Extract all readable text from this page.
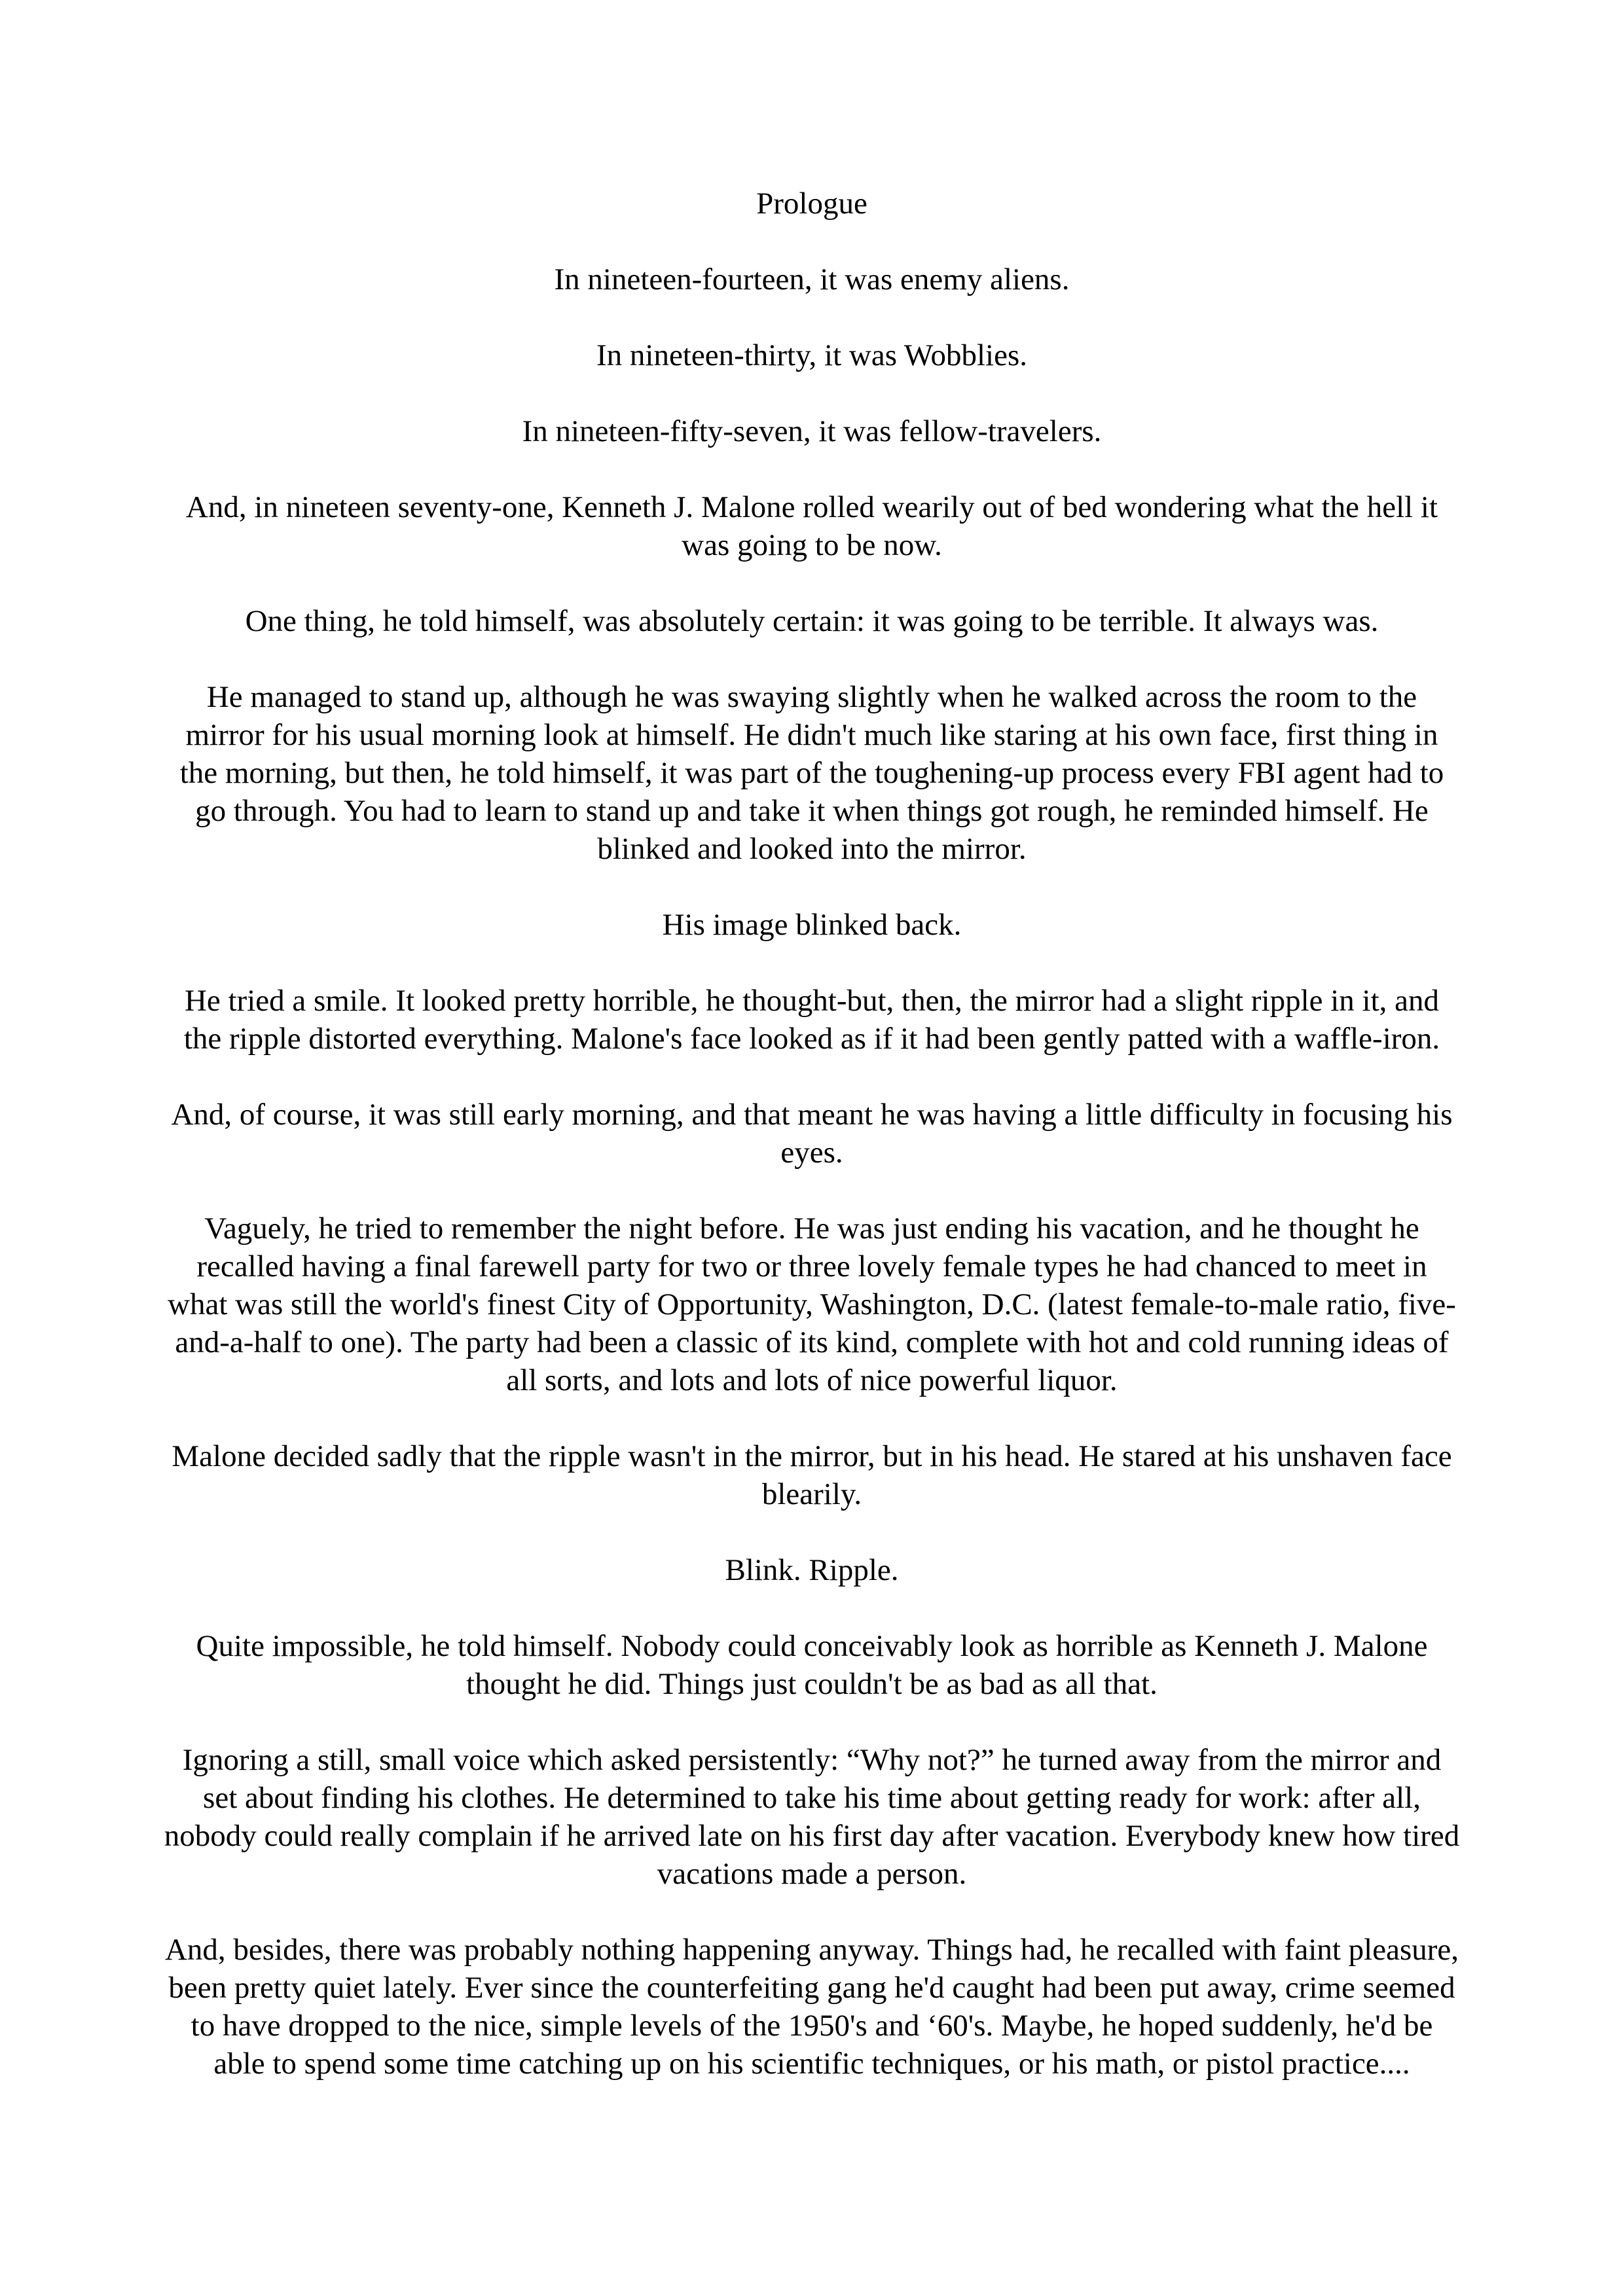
Prologue

In nineteen-fourteen, it was enemy aliens.

In nineteen-thirty, it was Wobblies.

In nineteen-fifty-seven, it was fellow-travelers.

And, in nineteen seventy-one, Kenneth J. Malone rolled wearily out of bed wondering what the hell it was going to be now.

One thing, he told himself, was absolutely certain: it was going to be terrible. It always was.

He managed to stand up, although he was swaying slightly when he walked across the room to the mirror for his usual morning look at himself. He didn't much like staring at his own face, first thing in the morning, but then, he told himself, it was part of the toughening-up process every FBI agent had to go through. You had to learn to stand up and take it when things got rough, he reminded himself. He blinked and looked into the mirror.

His image blinked back.

He tried a smile. It looked pretty horrible, he thought-but, then, the mirror had a slight ripple in it, and the ripple distorted everything. Malone's face looked as if it had been gently patted with a waffle-iron.

And, of course, it was still early morning, and that meant he was having a little difficulty in focusing his eyes.

Vaguely, he tried to remember the night before. He was just ending his vacation, and he thought he recalled having a final farewell party for two or three lovely female types he had chanced to meet in what was still the world's finest City of Opportunity, Washington, D.C. (latest female-to-male ratio, five-and-a-half to one). The party had been a classic of its kind, complete with hot and cold running ideas of all sorts, and lots and lots of nice powerful liquor.

Malone decided sadly that the ripple wasn't in the mirror, but in his head. He stared at his unshaven face blearily.

Blink. Ripple.

Quite impossible, he told himself. Nobody could conceivably look as horrible as Kenneth J. Malone thought he did. Things just couldn't be as bad as all that.

Ignoring a still, small voice which asked persistently: “Why not?” he turned away from the mirror and set about finding his clothes. He determined to take his time about getting ready for work: after all, nobody could really complain if he arrived late on his first day after vacation. Everybody knew how tired vacations made a person.

And, besides, there was probably nothing happening anyway. Things had, he recalled with faint pleasure, been pretty quiet lately. Ever since the counterfeiting gang he'd caught had been put away, crime seemed to have dropped to the nice, simple levels of the 1950's and ‘60's. Maybe, he hoped suddenly, he'd be able to spend some time catching up on his scientific techniques, or his math, or pistol practice....
